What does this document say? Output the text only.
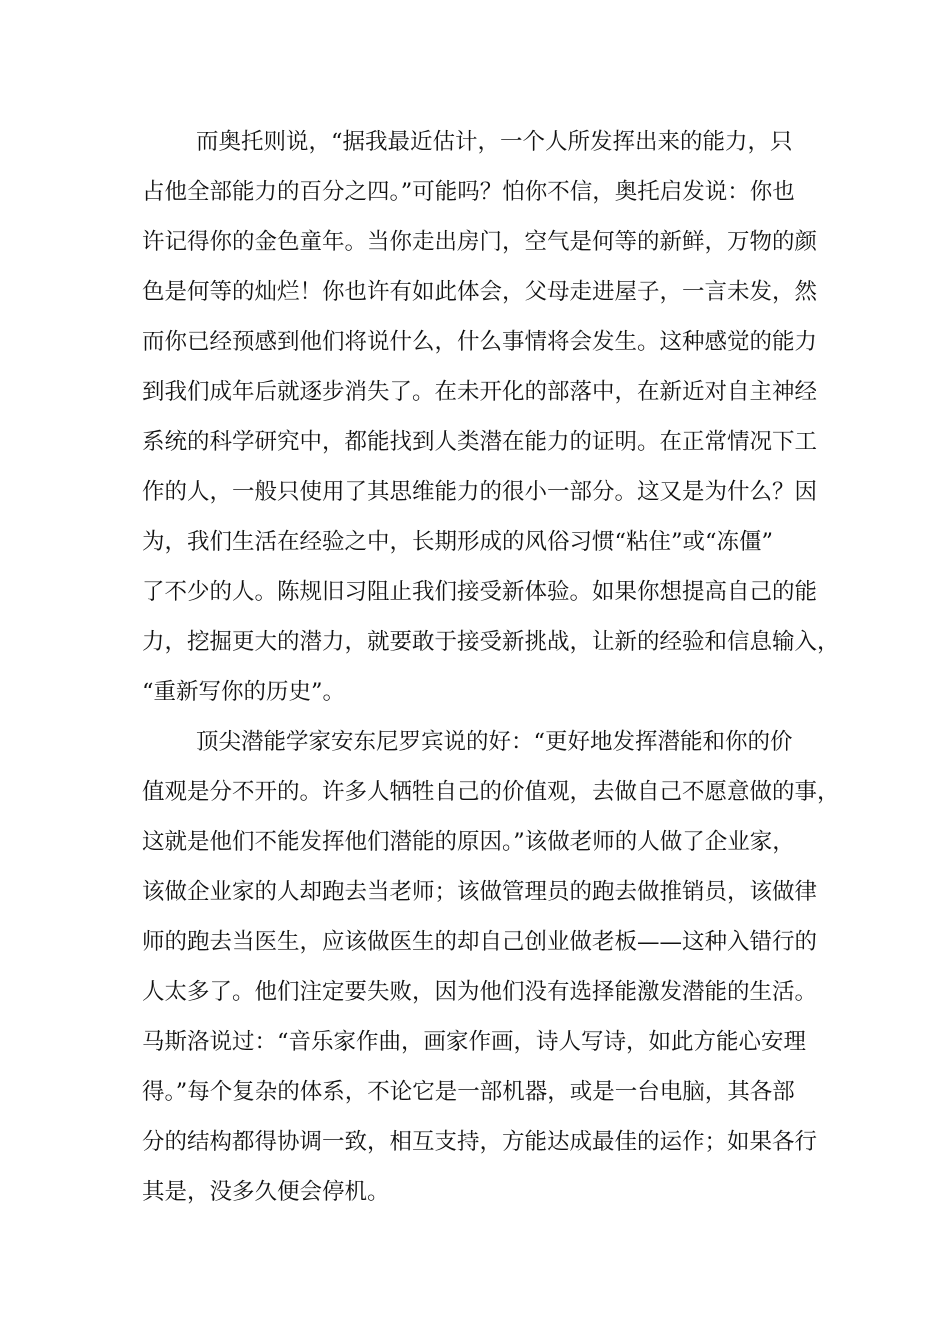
而奥托则说，“据我最近估计，一个人所发挥出来的能力，只
占他全部能力的百分之四。”可能吗？怕你不信，奥托启发说：你也
许记得你的金色童年。当你走出房门，空气是何等的新鲜，万物的颜
色是何等的灿烂！你也许有如此体会，父母走进屋子，一言未发，然
而你已经预感到他们将说什么，什么事情将会发生。这种感觉的能力
到我们成年后就逐步消失了。在未开化的部落中，在新近对自主神经
系统的科学研究中，都能找到人类潜在能力的证明。在正常情况下工
作的人，一般只使用了其思维能力的很小一部分。这又是为什么？因
为，我们生活在经验之中，长期形成的风俗习惯“粘住”或“冻僵”
了不少的人。陈规旧习阻止我们接受新体验。如果你想提高自己的能
力，挖掘更大的潜力，就要敢于接受新挑战，让新的经验和信息输入，
“重新写你的历史”。
顶尖潜能学家安东尼罗宾说的好：“更好地发挥潜能和你的价
值观是分不开的。许多人牺牲自己的价值观，去做自己不愿意做的事，
这就是他们不能发挥他们潜能的原因。”该做老师的人做了企业家，
该做企业家的人却跑去当老师；该做管理员的跑去做推销员，该做律
师的跑去当医生，应该做医生的却自己创业做老板——这种入错行的
人太多了。他们注定要失败，因为他们没有选择能激发潜能的生活。
马斯洛说过：“音乐家作曲，画家作画，诗人写诗，如此方能心安理
得。”每个复杂的体系，不论它是一部机器，或是一台电脑，其各部
分的结构都得协调一致，相互支持，方能达成最佳的运作；如果各行
其是，没多久便会停机。
